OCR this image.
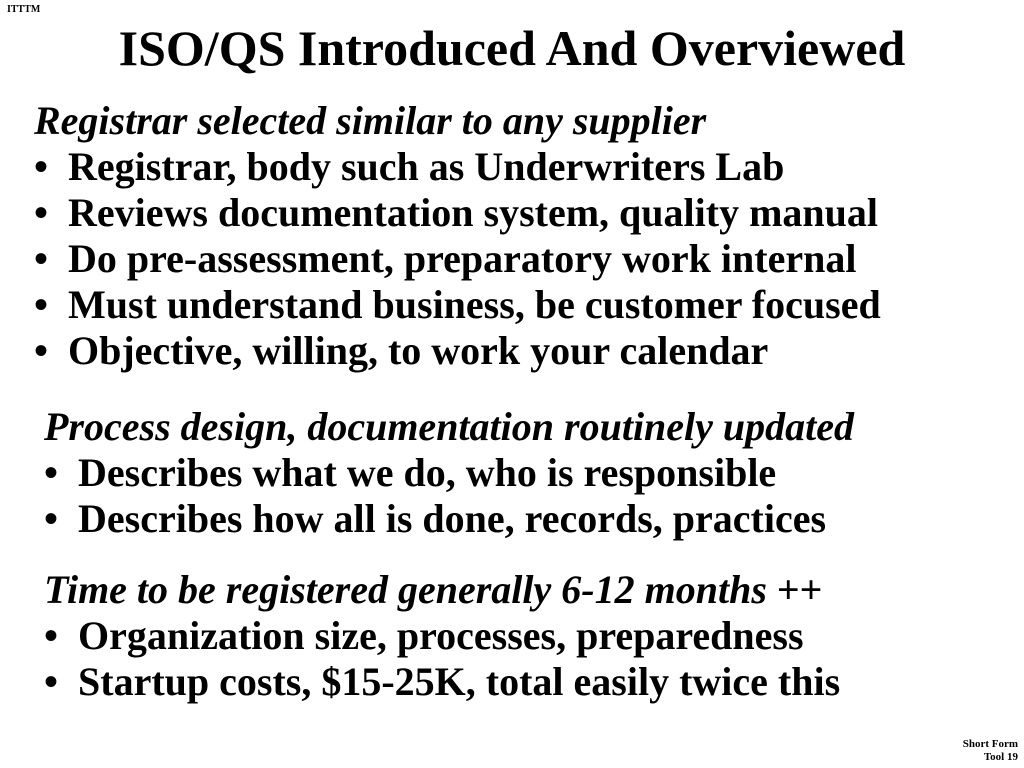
ITTTM
ISO/QS Introduced And Overviewed
Registrar selected similar to any supplier
• Registrar, body such as Underwriters Lab
• Reviews documentation system, quality manual
• Do pre-assessment, preparatory work internal
• Must understand business, be customer focused
• Objective, willing, to work your calendar
Process design, documentation routinely updated
• Describes what we do, who is responsible
• Describes how all is done, records, practices
Time to be registered generally 6-12 months ++
• Organization size, processes, preparedness
• Startup costs, $15-25K, total easily twice this
Short Form
Tool 19
